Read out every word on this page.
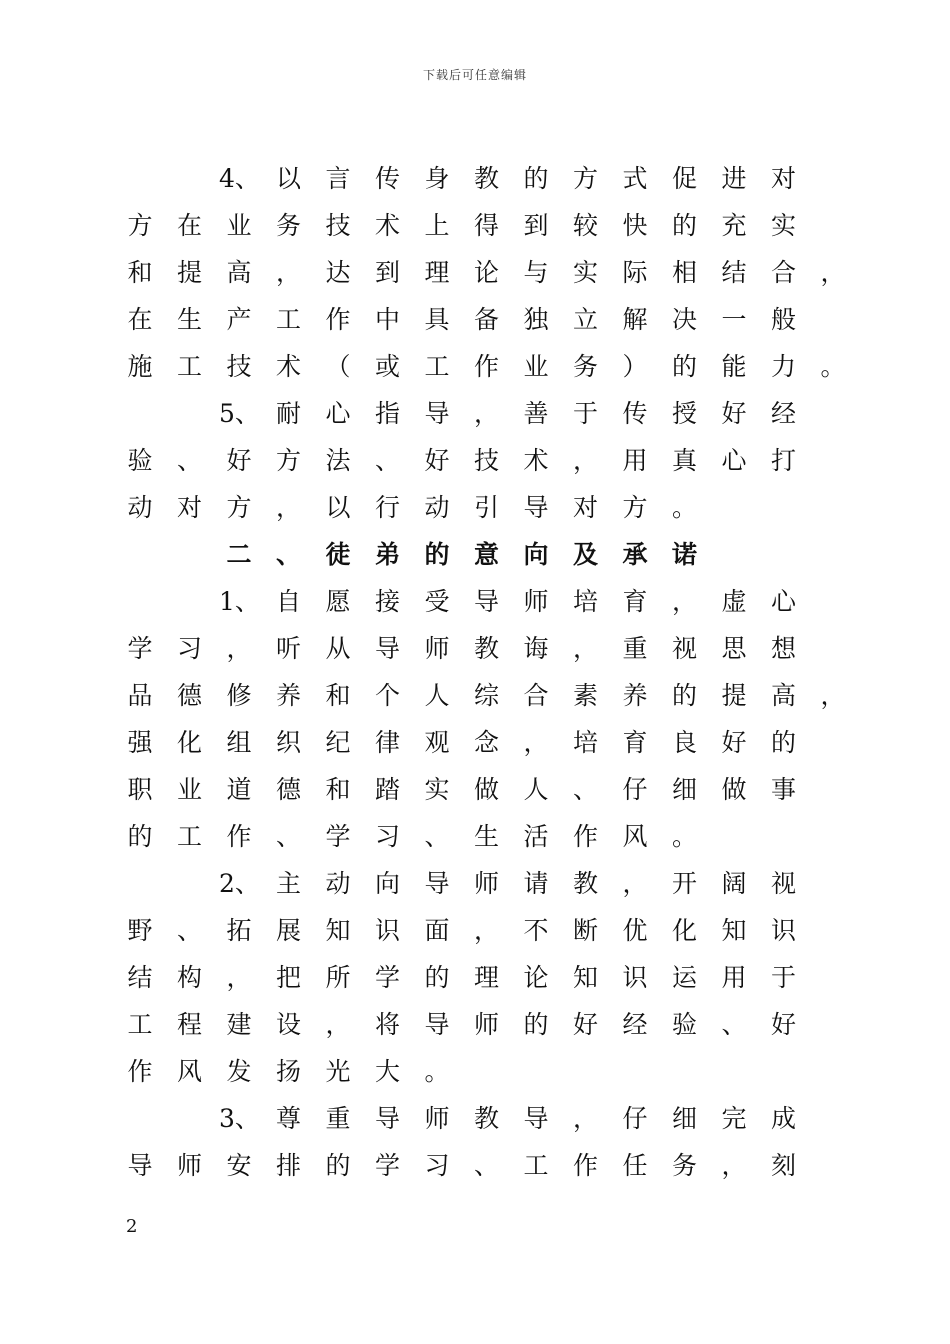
下载后可任意编辑
4、 以 言 传 身 教 的 方 式 促 进 对
方 在 业 务 技 术 上 得 到 较 快 的 充 实
和 提 高 ， 达 到 理 论 与 实 际 相 结 合 ，
在 生 产 工 作 中 具 备 独 立 解 决 一 般
施 工 技 术 （ 或 工 作 业 务 ） 的 能 力 。
5、 耐 心 指 导 ， 善 于 传 授 好 经
验 、 好 方 法 、 好 技 术 ， 用 真 心 打
动 对 方 ， 以 行 动 引 导 对 方 。
二 、 徒 弟 的 意 向 及 承 诺
1、 自 愿 接 受 导 师 培 育 ， 虚 心
学 习 ， 听 从 导 师 教 诲 ， 重 视 思 想
品 德 修 养 和 个 人 综 合 素 养 的 提 高 ，
强 化 组 织 纪 律 观 念 ， 培 育 良 好 的
职 业 道 德 和 踏 实 做 人 、 仔 细 做 事
的 工 作 、 学 习 、 生 活 作 风 。
2、 主 动 向 导 师 请 教 ， 开 阔 视
野 、 拓 展 知 识 面 ， 不 断 优 化 知 识
结 构 ， 把 所 学 的 理 论 知 识 运 用 于
工 程 建 设 ， 将 导 师 的 好 经 验 、 好
作 风 发 扬 光 大 。
3、 尊 重 导 师 教 导 ， 仔 细 完 成
导 师 安 排 的 学 习 、 工 作 任 务 ， 刻
2
